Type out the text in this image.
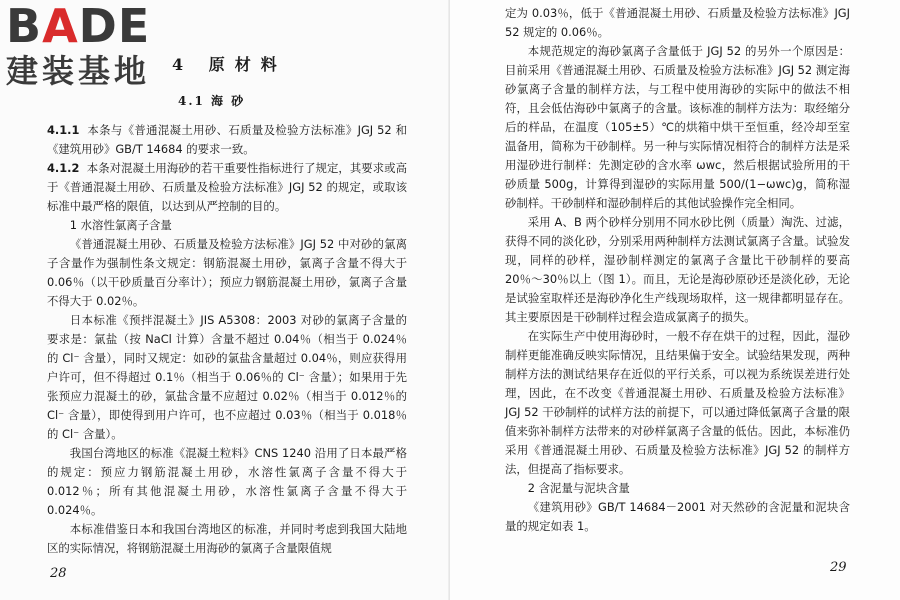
BADE
建装基地	4 原材料
4.1 海 砂

4.1.1 本条与《普通混凝土用砂、石质量及检验方法标准》JGJ 52 和《建筑用砂》GB/T 14684 的要求一致。

4.1.2 本条对混凝土用海砂的若干重要性指标进行了规定，其要求或高于《普通混凝土用砂、石质量及检验方法标准》JGJ 52 的规定，或取该标准中最严格的限值，以达到从严控制的目的。

1 水溶性氯离子含量

《普通混凝土用砂、石质量及检验方法标准》JGJ 52 中对砂的氯离子含量作为强制性条文规定：钢筋混凝土用砂，氯离子含量不得大于 0.06％（以干砂质量百分率计）；预应力钢筋混凝土用砂，氯离子含量不得大于 0.02％。

日本标准《预拌混凝土》JIS A5308：2003 对砂的氯离子含量的要求是：氯盐（按 NaCl 计算）含量不超过 0.04％（相当于 0.024％的 Cl⁻ 含量），同时又规定：如砂的氯盐含量超过 0.04％，则应获得用户许可，但不得超过 0.1％（相当于 0.06％的 Cl⁻ 含量）；如果用于先张预应力混凝土的砂，氯盐含量不应超过 0.02％（相当于 0.012％的 Cl⁻ 含量），即使得到用户许可，也不应超过 0.03％（相当于 0.018％的 Cl⁻ 含量）。

我国台湾地区的标准《混凝土粒料》CNS 1240 沿用了日本最严格的规定：预应力钢筋混凝土用砂，水溶性氯离子含量不得大于 0.012％；所有其他混凝土用砂，水溶性氯离子含量不得大于 0.024％。

本标准借鉴日本和我国台湾地区的标准，并同时考虑到我国大陆地区的实际情况，将钢筋混凝土用海砂的氯离子含量限值规

28

定为 0.03％，低于《普通混凝土用砂、石质量及检验方法标准》JGJ 52 规定的 0.06％。

本规范规定的海砂氯离子含量低于 JGJ 52 的另外一个原因是：目前采用《普通混凝土用砂、石质量及检验方法标准》JGJ 52 测定海砂氯离子含量的制样方法，与工程中使用海砂的实际中的做法不相符，且会低估海砂中氯离子的含量。该标准的制样方法为：取经缩分后的样品，在温度（105±5）℃的烘箱中烘干至恒重，经冷却至室温备用，简称为干砂制样。另一种与实际情况相符合的制样方法是采用湿砂进行制样：先测定砂的含水率 ωwc，然后根据试验所用的干砂质量 500g，计算得到湿砂的实际用量 500/(1−ωwc)g，简称湿砂制样。干砂制样和湿砂制样后的其他试验操作完全相同。

采用 A、B 两个砂样分别用不同水砂比例（质量）淘洗、过滤，获得不同的淡化砂，分别采用两种制样方法测试氯离子含量。试验发现，同样的砂样，湿砂制样测定的氯离子含量比干砂制样的要高 20％～30％以上（图 1）。而且，无论是海砂原砂还是淡化砂，无论是试验室取样还是海砂净化生产线现场取样，这一规律都明显存在。其主要原因是干砂制样过程会造成氯离子的损失。

在实际生产中使用海砂时，一般不存在烘干的过程，因此，湿砂制样更能准确反映实际情况，且结果偏于安全。试验结果发现，两种制样方法的测试结果存在近似的平行关系，可以视为系统误差进行处理，因此，在不改变《普通混凝土用砂、石质量及检验方法标准》JGJ 52 干砂制样的试样方法的前提下，可以通过降低氯离子含量的限值来弥补制样方法带来的对砂样氯离子含量的低估。因此，本标准仍采用《普通混凝土用砂、石质量及检验方法标准》JGJ 52 的制样方法，但提高了指标要求。

2 含泥量与泥块含量

《建筑用砂》GB/T 14684－2001 对天然砂的含泥量和泥块含量的规定如表 1。

29
